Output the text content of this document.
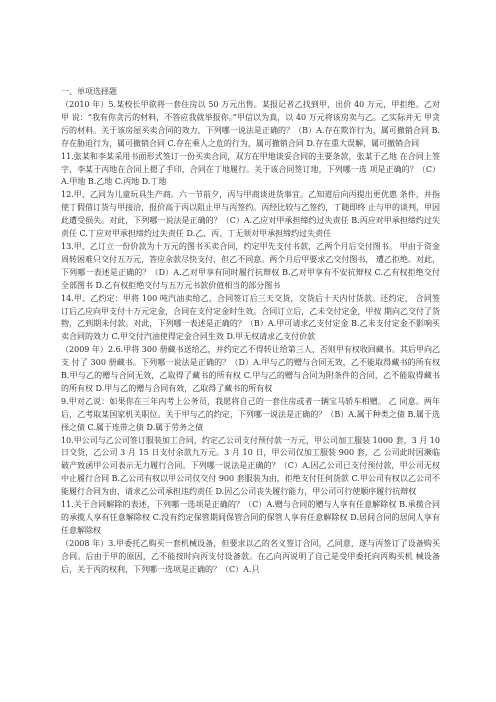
一、单项选择题

（2010 年）5.某校长甲欲将一套住房以 50 万元出售。某报记者乙找到甲，出价 40 万元，甲拒绝。乙对甲 说：“我有你贪污的材料，不答应我就举报你。”甲信以为真，以 40 万元将该房卖与乙。乙实际并无 甲贪污的材料。关于该房屋买卖合同的效力，下列哪一说法是正确的？（B）A.存在欺诈行为，属可撤销合同 B.存在胁迫行为，属可撤销合同 C.存在乘人之危的行为，属可撤销合同 D.存在重大误解，属可撤销合同

11.张某和李某采用书面形式签订一份买卖合同，双方在甲地谈妥合同的主要条款，张某于乙地 在合同上签字，李某于丙地在合同上摁了手印，合同在丁地履行。关于该合同签订地，下列哪一选 项是正确的？（C）A.甲地 B.乙地 C.丙地 D.丁地

12.甲、乙同为儿童玩具生产商。六一节前夕，丙与甲商谈进货事宜。乙知道后向丙提出更优惠 条件，并指使丁假借订货与甲接洽，报价高于丙以阻止甲与丙签约。丙经比较与乙签约，丁随即终 止与甲的谈判，甲因此遭受损失。对此，下列哪一说法是正确的？（C）A.乙应对甲承担缔约过失责任 B.丙应对甲承担缔约过失责任 C.丁应对甲承担缔约过失责任 D.乙、丙、丁无须对甲承担缔约过失责任

13.甲、乙订立一份价款为十万元的图书买卖合同，约定甲先支付书款，乙两个月后交付图书。 甲由于资金周转困难只交付五万元，答应余款尽快支付，但乙不同意。两个月后甲要求乙交付图书， 遭乙拒绝。对此，下列哪一表述是正确的？（D）A.乙对甲享有同时履行抗辩权 B.乙对甲享有不安抗辩权 C.乙有权拒绝交付全部图书 D.乙有权拒绝交付与五万元书款价值相当的部分图书

14.甲、乙约定：甲将 100 吨汽油卖给乙，合同签订后三天交货，交货后十天内付货款。还约定， 合同签订后乙应向甲支付十万元定金，合同在支付定金时生效。合同订立后，乙未交付定金，甲按 期向乙交付了货物，乙到期未付款。对此，下列哪一表述是正确的？（B）A.甲可请求乙支付定金 B.乙未支付定金不影响买卖合同的效力 C.甲交付汽油使得定金合同生效 D.甲无权请求乙支付价款

（2009 年）2.6.甲将 300 册藏书送给乙，并约定乙不得转让给第三人，否则甲有权收回藏书。其后甲向乙支 付了 300 册藏书。下列哪一说法是正确的？（D）A.甲与乙的赠与合同无效，乙不能取得藏书的所有权 B.甲与乙的赠与合同无效，乙取得了藏书的所有权 C.甲与乙的赠与合同为附条件的合同，乙不能取得藏书的所有权 D.甲与乙的赠与合同有效，乙取得了藏书的所有权

9.甲对乙说：如果你在三年内考上公务员，我愿将自己的一套住房或者一辆宝马轿车相赠。 乙 同意。两年后，乙考取某国家机关职位。关于甲与乙的约定，下列哪一说法是正确的？（B）A.属于种类之债 B.属于选择之债 C.属于连带之债 D.属于劳务之债

10.甲公司与乙公司签订服装加工合同，约定乙公司支付预付款一万元，甲公司加工服装 1000 套，3 月 10 日交货，乙公司 3 月 15 日支付余款九万元。3 月 10 日，甲公司仅加工服装 900 套，乙 公司此时因濒临破产致函甲公司表示无力履行合同。下列哪一说法是正确的？（C）A.因乙公司已支付预付款，甲公司无权中止履行合同 B.乙公司有权以甲公司仅交付 900 套服装为由，拒绝支付任何货款 C.甲公司有权以乙公司不能履行合同为由，请求乙公司承担违约责任 D.因乙公司丧失履行能力，甲公司可行使顺序履行抗辩权

11.关于合同解除的表述，下列哪一选项是正确的？（C）A.赠与合同的赠与人享有任意解除权 B.承揽合同的承揽人享有任意解除权 C.没有约定保管期间保管合同的保管人享有任意解除权 D.居间合同的居间人享有任意解除权

（2008 年）3.甲委托乙购买一套机械设备，但要求以乙的名义签订合同，乙同意，遂与丙签订了设备购买 合同。后由于甲的原因，乙不能按时向丙支付设备款。在乙向丙说明了自己是受甲委托向丙购买机 械设备后，关于丙的权利，下列哪一选项是正确的？（C）A.只
